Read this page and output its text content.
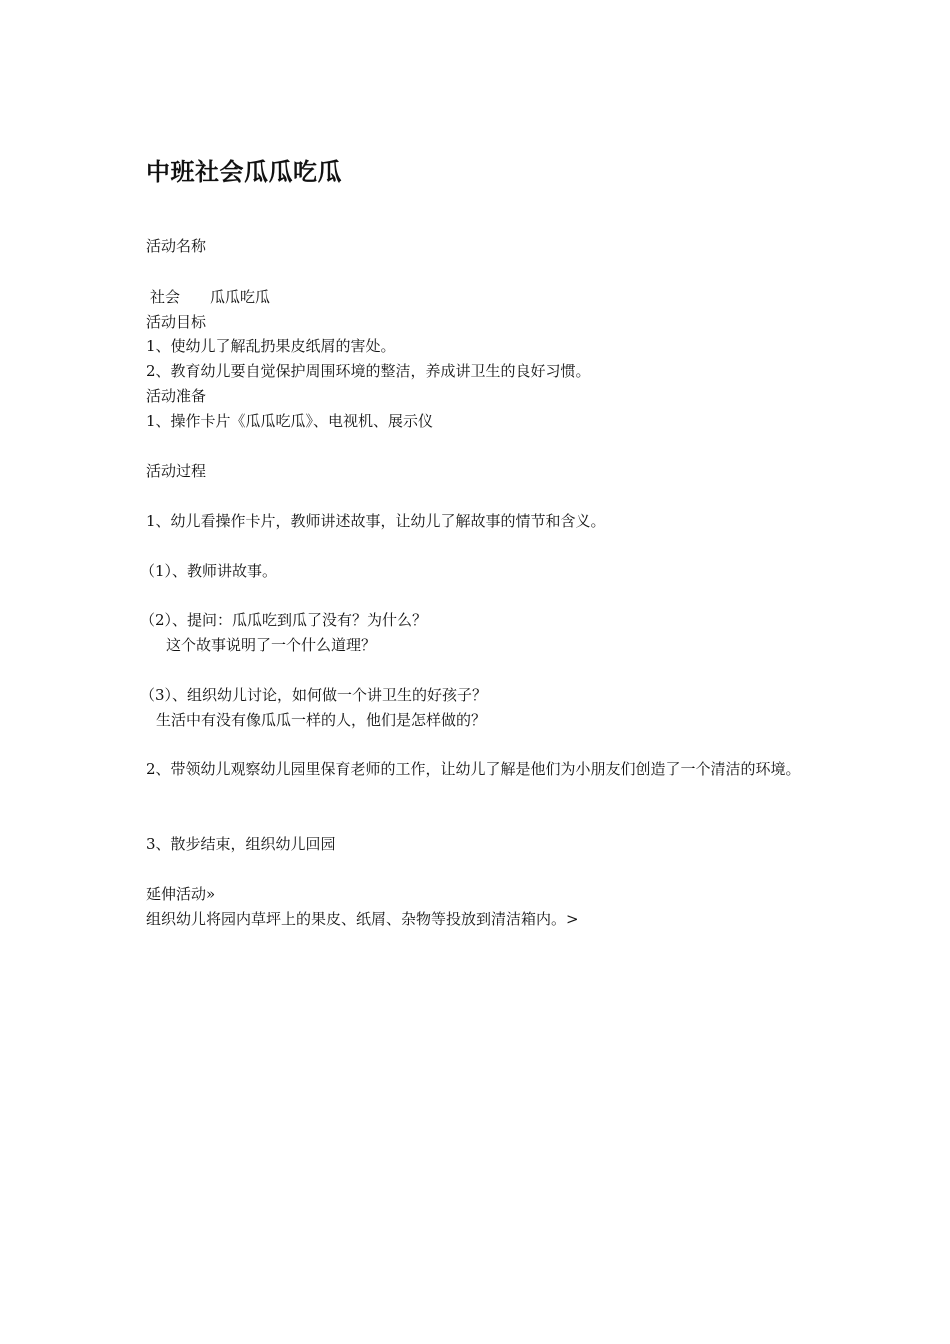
中班社会瓜瓜吃瓜
活动名称
社会 瓜瓜吃瓜
活动目标
1、使幼儿了解乱扔果皮纸屑的害处。
2、教育幼儿要自觉保护周围环境的整洁，养成讲卫生的良好习惯。
活动准备
1、操作卡片《瓜瓜吃瓜》、电视机、展示仪
活动过程
1、幼儿看操作卡片，教师讲述故事，让幼儿了解故事的情节和含义。
（1）、教师讲故事。
（2）、提问：瓜瓜吃到瓜了没有？为什么？
这个故事说明了一个什么道理？
（3）、组织幼儿讨论，如何做一个讲卫生的好孩子？
生活中有没有像瓜瓜一样的人，他们是怎样做的？
2、带领幼儿观察幼儿园里保育老师的工作，让幼儿了解是他们为小朋友们创造了一个清洁的环境。
3、散步结束，组织幼儿回园
延伸活动»
组织幼儿将园内草坪上的果皮、纸屑、杂物等投放到清洁箱内。>
